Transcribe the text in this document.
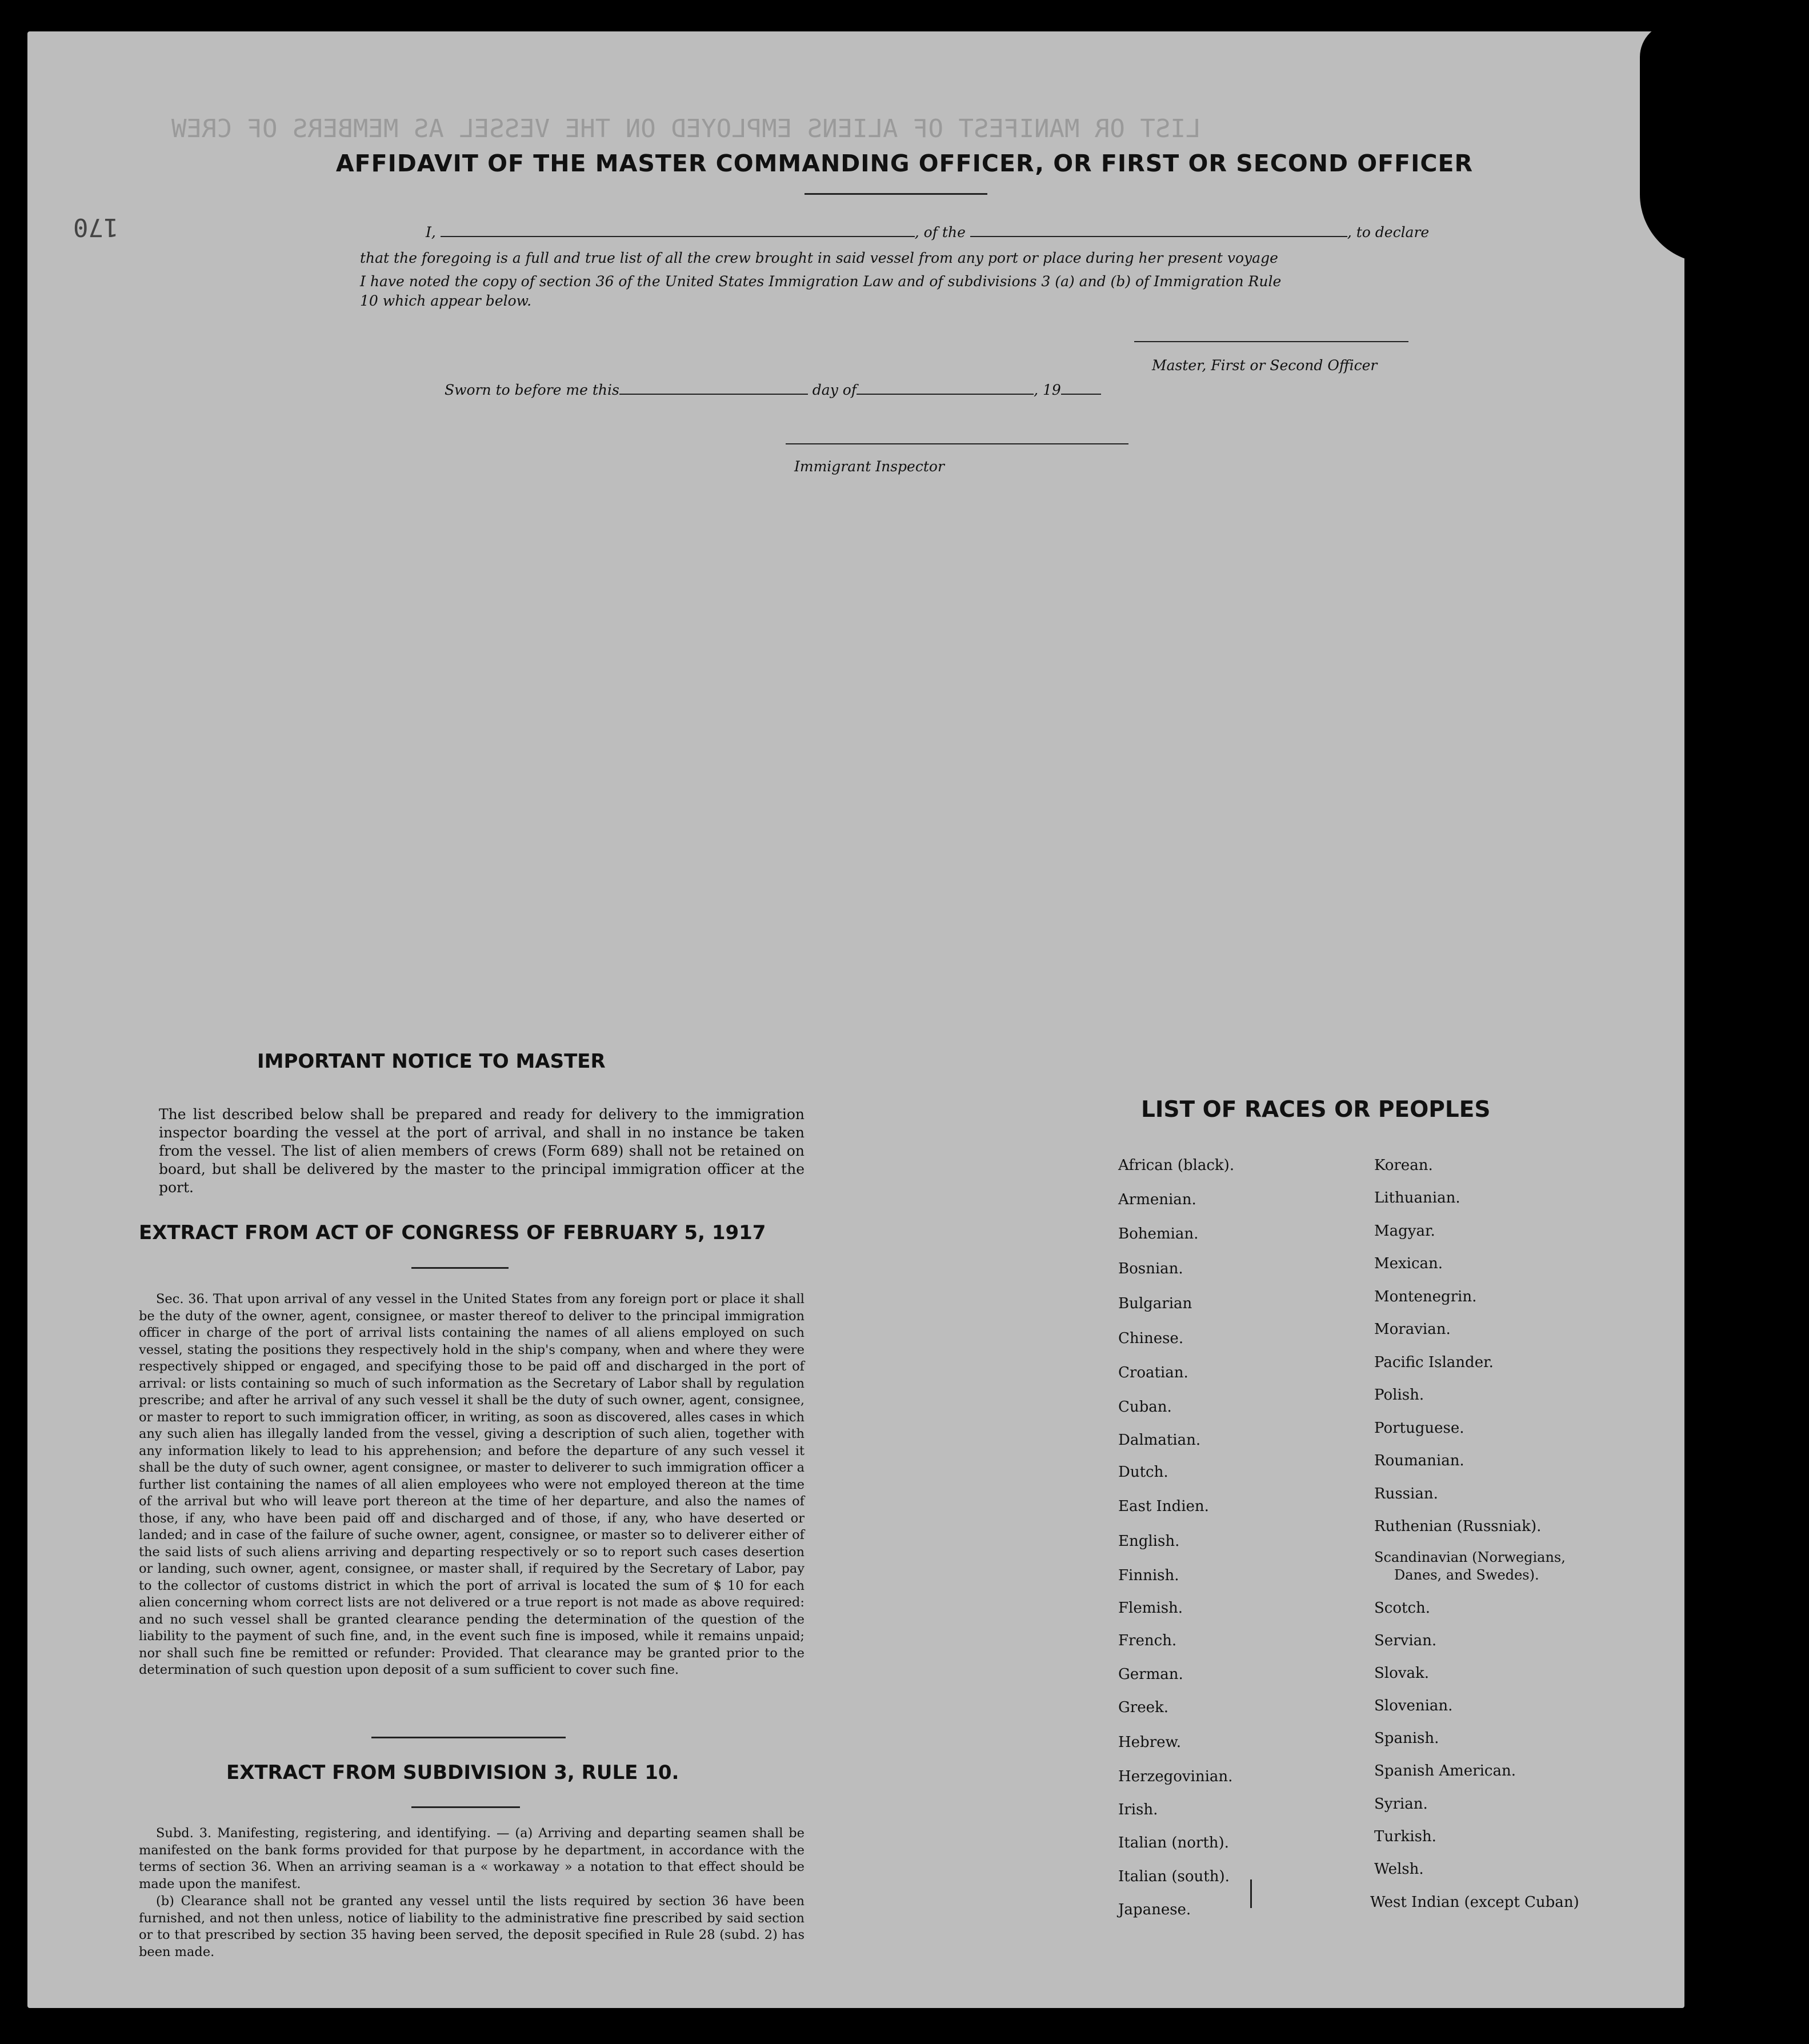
LIST OR MANIFEST OF ALIENS EMPLOYED ON THE VESSEL AS MEMBERS OF CREW
170
AFFIDAVIT OF THE MASTER COMMANDING OFFICER, OR FIRST OR SECOND OFFICER
I,	, of the	, to declare
that the foregoing is a full and true list of all the crew brought in said vessel from any port or place during her present voyage
I have noted the copy of section 36 of the United States Immigration Law and of subdivisions 3 (a) and (b) of Immigration Rule
10 which appear below.
Master, First or Second Officer
Sworn to before me this	day of	, 19
Immigrant Inspector
IMPORTANT NOTICE TO MASTER
The list described below shall be prepared and ready for delivery to the immigration inspector boarding the vessel at the port of arrival, and shall in no instance be taken from the vessel. The list of alien members of crews (Form 689) shall not be retained on board, but shall be delivered by the master to the principal immigration officer at the port.
EXTRACT FROM ACT OF CONGRESS OF FEBRUARY 5, 1917
Sec. 36. That upon arrival of any vessel in the United States from any foreign port or place it shall be the duty of the owner, agent, consignee, or master thereof to deliver to the principal immigration officer in charge of the port of arrival lists containing the names of all aliens employed on such vessel, stating the positions they respectively hold in the ship's company, when and where they were respectively shipped or engaged, and specifying those to be paid off and discharged in the port of arrival: or lists containing so much of such information as the Secretary of Labor shall by regulation prescribe; and after he arrival of any such vessel it shall be the duty of such owner, agent, consignee, or master to report to such immigration officer, in writing, as soon as discovered, alles cases in which any such alien has illegally landed from the vessel, giving a description of such alien, together with any information likely to lead to his apprehension; and before the departure of any such vessel it shall be the duty of such owner, agent consignee, or master to deliverer to such immigration officer a further list containing the names of all alien employees who were not employed thereon at the time of the arrival but who will leave port thereon at the time of her departure, and also the names of those, if any, who have been paid off and discharged and of those, if any, who have deserted or landed; and in case of the failure of suche owner, agent, consignee, or master so to deliverer either of the said lists of such aliens arriving and departing respectively or so to report such cases desertion or landing, such owner, agent, consignee, or master shall, if required by the Secretary of Labor, pay to the collector of customs district in which the port of arrival is located the sum of $ 10 for each alien concerning whom correct lists are not delivered or a true report is not made as above required: and no such vessel shall be granted clearance pending the determination of the question of the liability to the payment of such fine, and, in the event such fine is imposed, while it remains unpaid; nor shall such fine be remitted or refunder: Provided. That clearance may be granted prior to the determination of such question upon deposit of a sum sufficient to cover such fine.
EXTRACT FROM SUBDIVISION 3, RULE 10.
Subd. 3. Manifesting, registering, and identifying. — (a) Arriving and departing seamen shall be manifested on the bank forms provided for that purpose by he department, in accordance with the terms of section 36. When an arriving seaman is a « workaway » a notation to that effect should be made upon the manifest.
(b) Clearance shall not be granted any vessel until the lists required by section 36 have been furnished, and not then unless, notice of liability to the administrative fine prescribed by said section or to that prescribed by section 35 having been served, the deposit specified in Rule 28 (subd. 2) has been made.
LIST OF RACES OR PEOPLES
African (black).
Armenian.
Bohemian.
Bosnian.
Bulgarian
Chinese.
Croatian.
Cuban.
Dalmatian.
Dutch.
East Indien.
English.
Finnish.
Flemish.
French.
German.
Greek.
Hebrew.
Herzegovinian.
Irish.
Italian (north).
Italian (south).
Japanese.
Korean.
Lithuanian.
Magyar.
Mexican.
Montenegrin.
Moravian.
Pacific Islander.
Polish.
Portuguese.
Roumanian.
Russian.
Ruthenian (Russniak).
Scandinavian (Norwegians,
Danes, and Swedes).
Scotch.
Servian.
Slovak.
Slovenian.
Spanish.
Spanish American.
Syrian.
Turkish.
Welsh.
West Indian (except Cuban)
